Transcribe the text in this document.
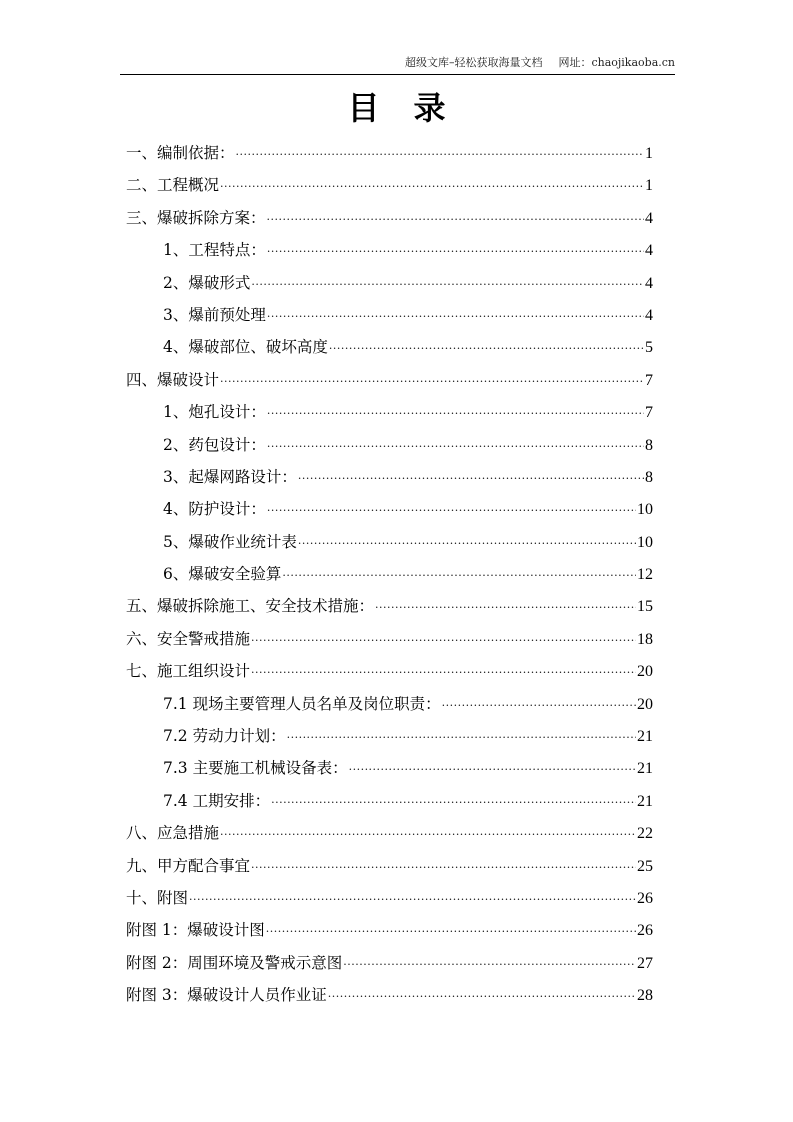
超级文库–轻松获取海量文档 网址：chaojikaoba.cn
目录
一、编制依据： ·····	1
二、工程概况 ·····	1
三、爆破拆除方案： ·····	4
1、工程特点： ·····	4
2、爆破形式 ·····	4
3、爆前预处理 ·····	4
4、爆破部位、破坏高度 ·····	5
四、爆破设计 ·····	7
1、炮孔设计： ·····	7
2、药包设计： ·····	8
3、起爆网路设计： ·····	8
4、防护设计： ·····	10
5、爆破作业统计表 ·····	10
6、爆破安全验算 ·····	12
五、爆破拆除施工、安全技术措施： ·····	15
六、安全警戒措施 ·····	18
七、施工组织设计 ·····	20
7.1 现场主要管理人员名单及岗位职责： ·····	20
7.2 劳动力计划： ·····	21
7.3 主要施工机械设备表： ·····	21
7.4 工期安排： ·····	21
八、应急措施 ·····	22
九、甲方配合事宜 ·····	25
十、附图 ·····	26
附图 1：爆破设计图 ·····	26
附图 2：周围环境及警戒示意图 ·····	27
附图 3：爆破设计人员作业证 ·····	28
